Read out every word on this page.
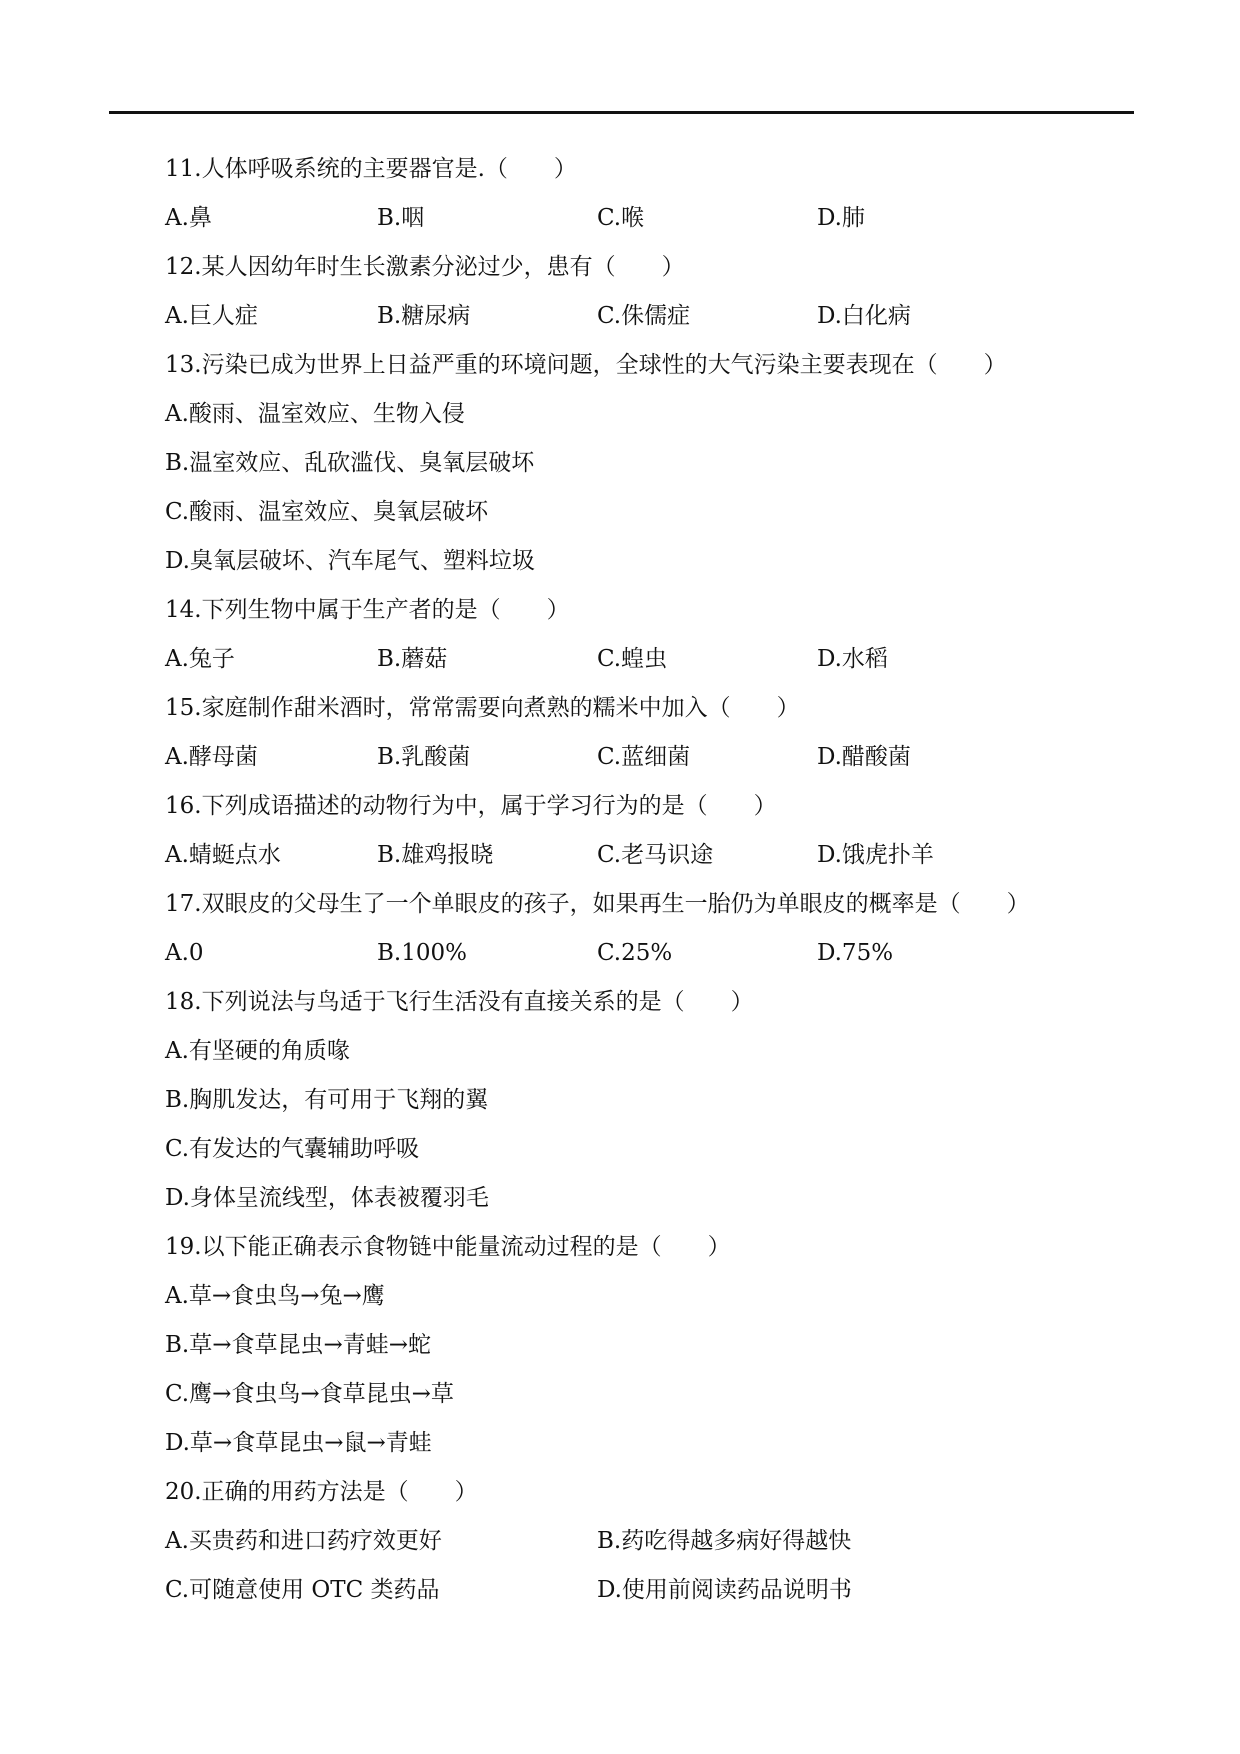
11.人体呼吸系统的主要器官是.（　　）
A.鼻	B.咽	C.喉	D.肺
12.某人因幼年时生长激素分泌过少，患有（　　）
A.巨人症	B.糖尿病	C.侏儒症	D.白化病
13.污染已成为世界上日益严重的环境问题，全球性的大气污染主要表现在（　　）
A.酸雨、温室效应、生物入侵
B.温室效应、乱砍滥伐、臭氧层破坏
C.酸雨、温室效应、臭氧层破坏
D.臭氧层破坏、汽车尾气、塑料垃圾
14.下列生物中属于生产者的是（　　）
A.兔子	B.蘑菇	C.蝗虫	D.水稻
15.家庭制作甜米酒时，常常需要向煮熟的糯米中加入（　　）
A.酵母菌	B.乳酸菌	C.蓝细菌	D.醋酸菌
16.下列成语描述的动物行为中，属于学习行为的是（　　）
A.蜻蜓点水	B.雄鸡报晓	C.老马识途	D.饿虎扑羊
17.双眼皮的父母生了一个单眼皮的孩子，如果再生一胎仍为单眼皮的概率是（　　）
A.0	B.100%	C.25%	D.75%
18.下列说法与鸟适于飞行生活没有直接关系的是（　　）
A.有坚硬的角质喙
B.胸肌发达，有可用于飞翔的翼
C.有发达的气囊辅助呼吸
D.身体呈流线型，体表被覆羽毛
19.以下能正确表示食物链中能量流动过程的是（　　）
A.草→食虫鸟→兔→鹰
B.草→食草昆虫→青蛙→蛇
C.鹰→食虫鸟→食草昆虫→草
D.草→食草昆虫→鼠→青蛙
20.正确的用药方法是（　　）
A.买贵药和进口药疗效更好	B.药吃得越多病好得越快
C.可随意使用 OTC 类药品	D.使用前阅读药品说明书
